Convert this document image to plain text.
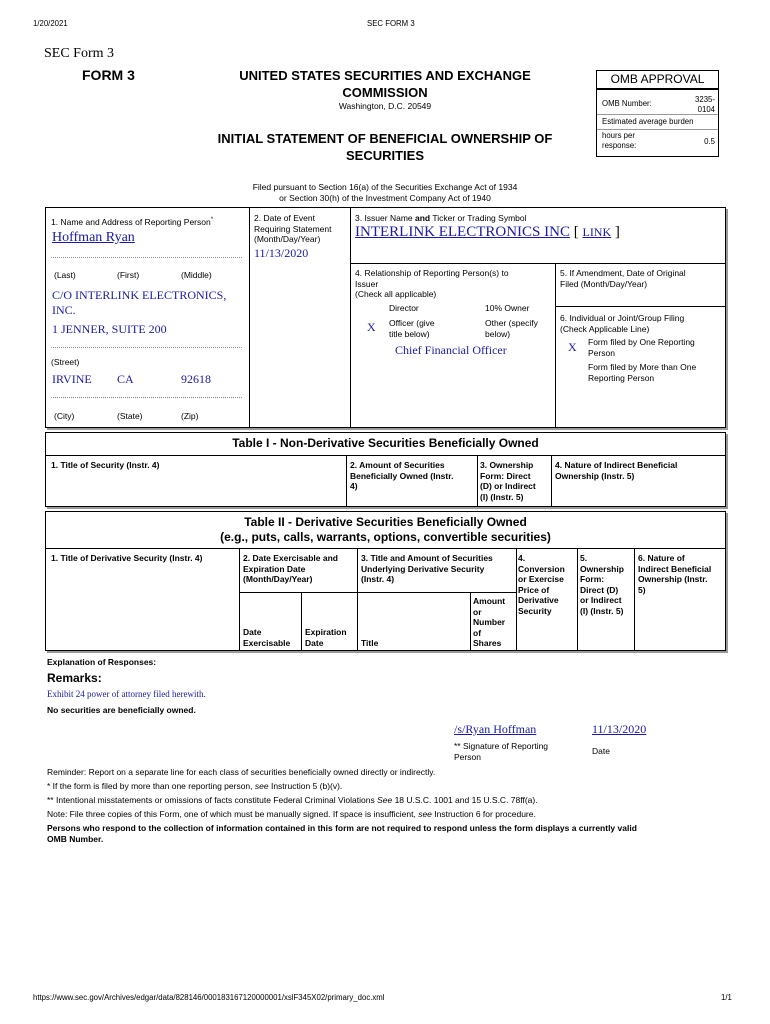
1/20/2021	SEC FORM 3
SEC Form 3
FORM 3	UNITED STATES SECURITIES AND EXCHANGE
COMMISSION
Washington, D.C. 20549
INITIAL STATEMENT OF BENEFICIAL OWNERSHIP OF
SECURITIES
OMB APPROVAL
OMB Number:	3235-
0104
Estimated average burden
hours per
response:	0.5
Filed pursuant to Section 16(a) of the Securities Exchange Act of 1934
or Section 30(h) of the Investment Company Act of 1940
1. Name and Address of Reporting Person*
Hoffman Ryan
(Last)	(First)	(Middle)
C/O INTERLINK ELECTRONICS,
INC.
1 JENNER, SUITE 200
(Street)
IRVINE CA	92618
(City)	(State)	(Zip)
2. Date of Event
Requiring Statement
(Month/Day/Year)
11/13/2020
3. Issuer Name and Ticker or Trading Symbol
INTERLINK ELECTRONICS INC [ LINK ]
4. Relationship of Reporting Person(s) to
Issuer
(Check all applicable)
Director	10% Owner
X Officer (give
title below)
Other (specify
below)
Chief Financial Officer
5. If Amendment, Date of Original
Filed (Month/Day/Year)
6. Individual or Joint/Group Filing
(Check Applicable Line)
X Form filed by One Reporting
Person
Form filed by More than One
Reporting Person
Table I - Non-Derivative Securities Beneficially Owned
1. Title of Security (Instr. 4)	2. Amount of Securities
Beneficially Owned (Instr.
4)
3. Ownership
Form: Direct
(D) or Indirect
(I) (Instr. 5)
4. Nature of Indirect Beneficial
Ownership (Instr. 5)
Table II - Derivative Securities Beneficially Owned
(e.g., puts, calls, warrants, options, convertible securities)
1. Title of Derivative Security (Instr. 4)	2. Date Exercisable and
Expiration Date
(Month/Day/Year)
3. Title and Amount of Securities
Underlying Derivative Security
(Instr. 4)
4.
Conversion
or Exercise
Price of
Derivative
Security
5.
Ownership
Form:
Direct (D)
or Indirect
(I) (Instr. 5)
6. Nature of
Indirect Beneficial
Ownership (Instr.
5)
Date
Exercisable
Expiration
Date	Title
Amount
or
Number
of
Shares
Explanation of Responses:
Remarks:
Exhibit 24 power of attorney filed herewith.
No securities are beneficially owned.
/s/Ryan Hoffman	11/13/2020
** Signature of Reporting
Person
Date
Reminder: Report on a separate line for each class of securities beneficially owned directly or indirectly.
* If the form is filed by more than one reporting person, see Instruction 5 (b)(v).
** Intentional misstatements or omissions of facts constitute Federal Criminal Violations See 18 U.S.C. 1001 and 15 U.S.C. 78ff(a).
Note: File three copies of this Form, one of which must be manually signed. If space is insufficient, see Instruction 6 for procedure.
Persons who respond to the collection of information contained in this form are not required to respond unless the form displays a currently valid
OMB Number.
https://www.sec.gov/Archives/edgar/data/828146/000183167120000001/xslF345X02/primary_doc.xml	1/1
